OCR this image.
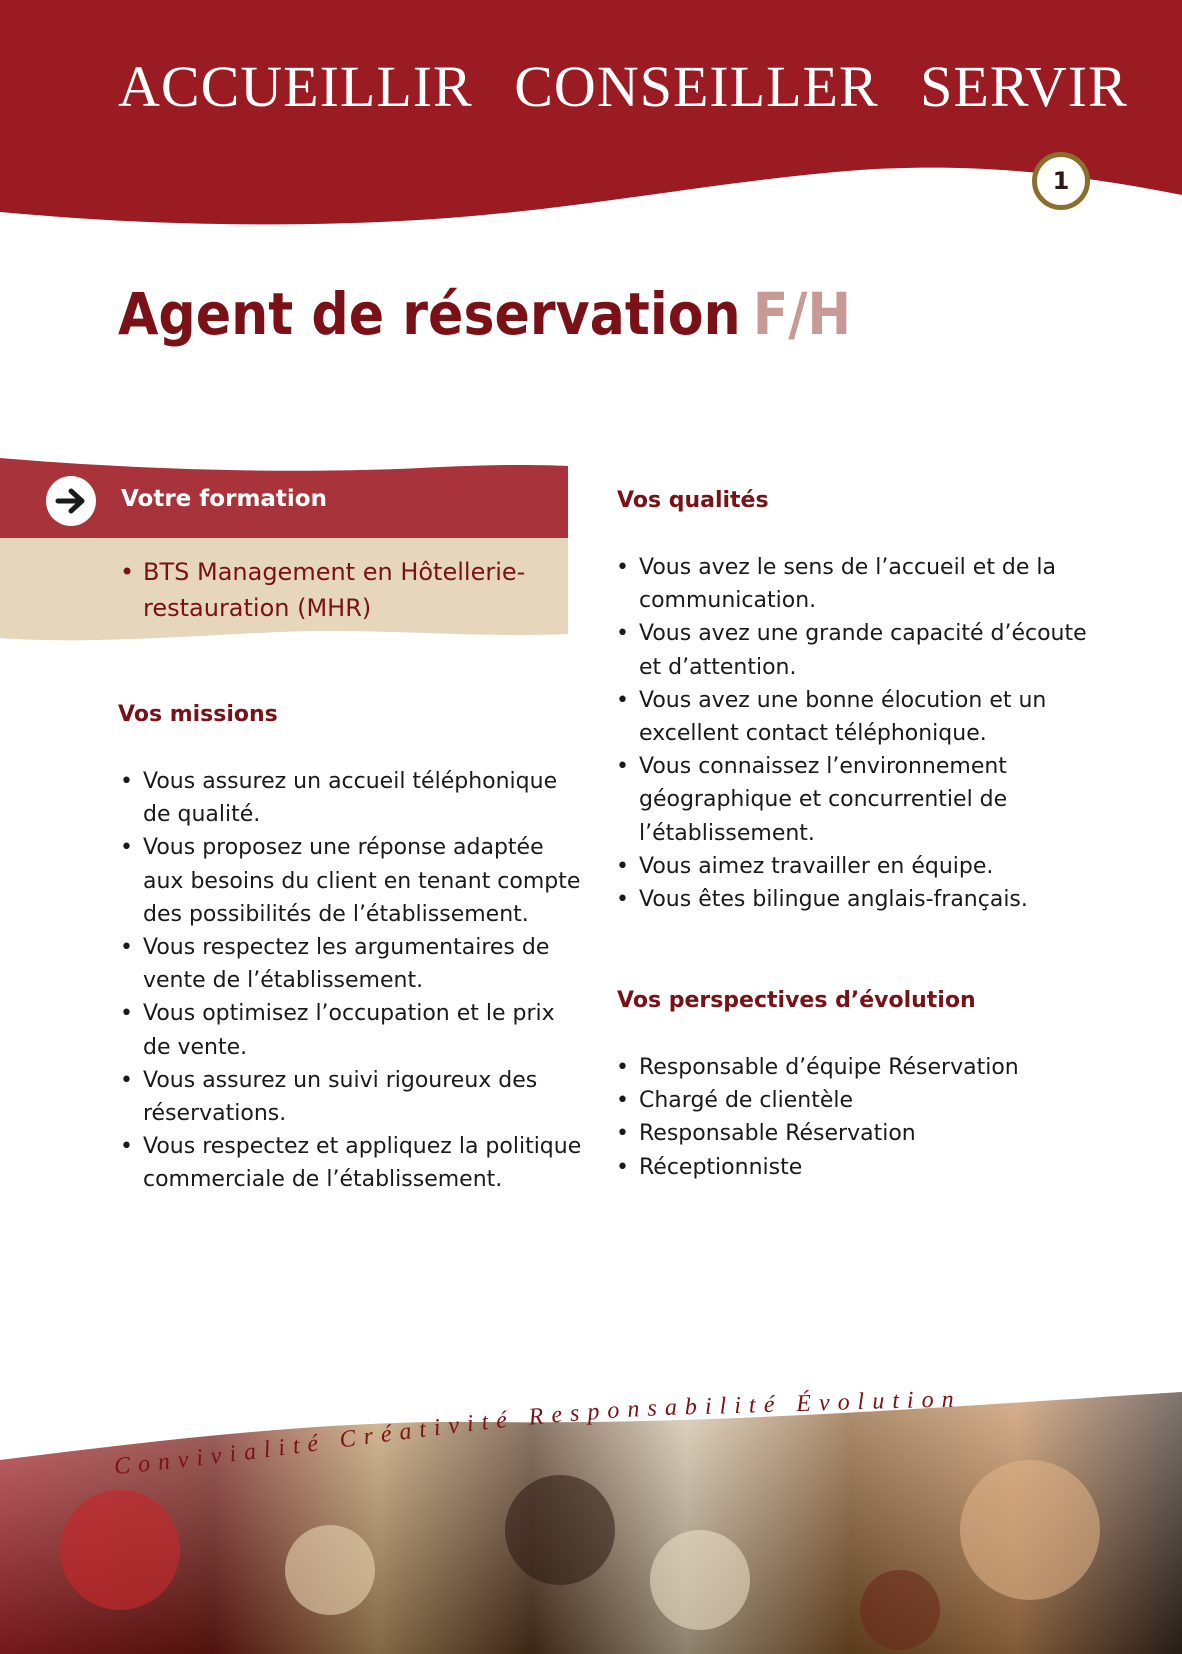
ACCUEILLIR CONSEILLER SERVIR
1
Agent de réservation F/H
Votre formation
• BTS Management en Hôtellerie-
restauration (MHR)
Vos missions
• Vous assurez un accueil téléphonique de qualité.
• Vous proposez une réponse adaptée aux besoins du client en tenant compte des possibilités de l’établissement.
• Vous respectez les argumentaires de vente de l’établissement.
• Vous optimisez l’occupation et le prix de vente.
• Vous assurez un suivi rigoureux des réservations.
• Vous respectez et appliquez la politique commerciale de l’établissement.
Vos qualités
• Vous avez le sens de l’accueil et de la communication.
• Vous avez une grande capacité d’écoute et d’attention.
• Vous avez une bonne élocution et un excellent contact téléphonique.
• Vous connaissez l’environnement géographique et concurrentiel de l’établissement.
• Vous aimez travailler en équipe.
• Vous êtes bilingue anglais-français.
Vos perspectives d’évolution
• Responsable d’équipe Réservation
• Chargé de clientèle
• Responsable Réservation
• Réceptionniste
Convivialité Créativité Responsabilité Évolution
